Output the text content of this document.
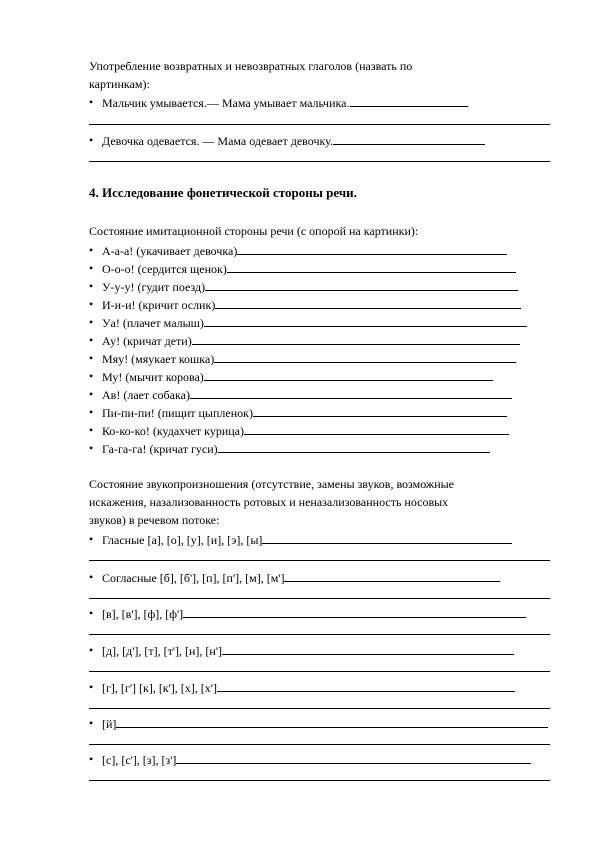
Употребление возвратных и невозвратных глаголов (назвать по
картинкам):
• Мальчик умывается.— Мама умывает мальчика.
• Девочка одевается. — Мама одевает девочку.
4. Исследование фонетической стороны речи.
Состояние имитационной стороны речи (с опорой на картинки):
• А-а-а! (укачивает девочка)
• О-о-о! (сердится щенок)
• У-у-у! (гудит поезд)
• И-и-и! (кричит ослик)
• Уа! (плачет малыш)
• Ау! (кричат дети)
• Мяу! (мяукает кошка)
• Му! (мычит корова)
• Ав! (лает собака)
• Пи-пи-пи! (пищит цыпленок)
• Ко-ко-ко! (кудахчет курица)
• Га-га-га! (кричат гуси)
Состояние звукопроизношения (отсутствие, замены звуков, возможные
искажения, назализованность ротовых и неназализованность носовых
звуков) в речевом потоке:
• Гласные [а], [о], [у], [и], [э], [ы]
• Согласные [б], [б'], [п], [п'], [м], [м']
• [в], [в'], [ф], [ф']
• [д], [д'], [т], [т'], [н], [н']
• [г], [г'] [к], [к'], [х], [х']
• [й]
• [с], [с'], [з], [з']
